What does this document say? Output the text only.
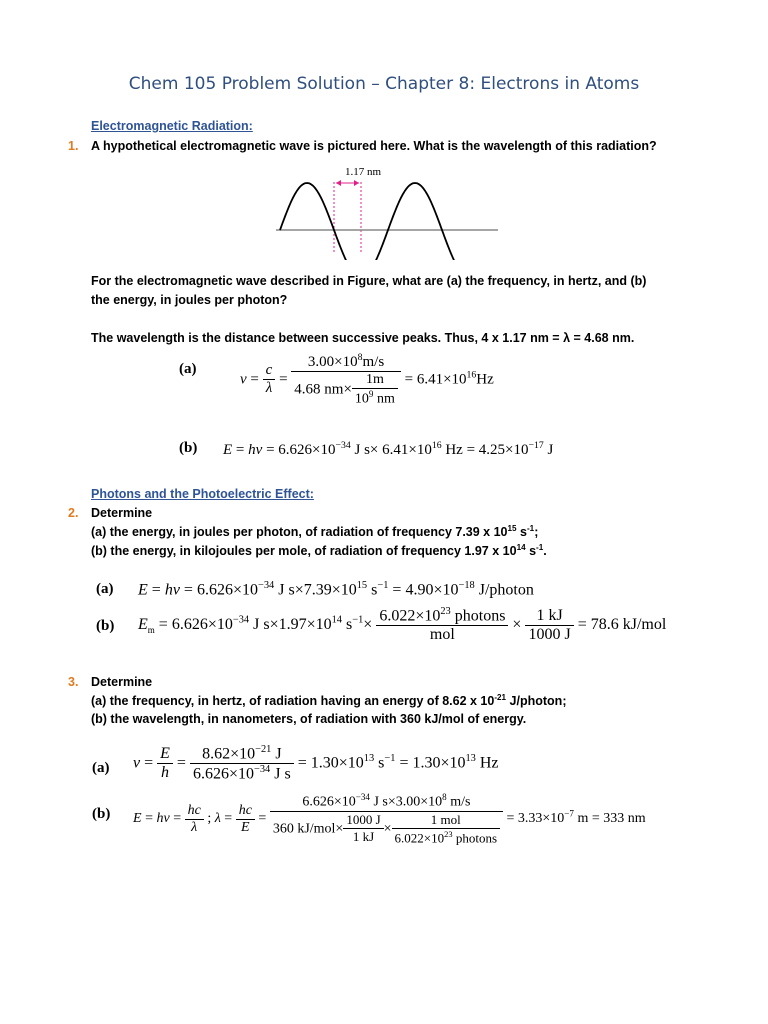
Chem 105 Problem Solution – Chapter 8: Electrons in Atoms
Electromagnetic Radiation:
1. A hypothetical electromagnetic wave is pictured here. What is the wavelength of this radiation?
1.17 nm
For the electromagnetic wave described in Figure, what are (a) the frequency, in hertz, and (b)
the energy, in joules per photon?
The wavelength is the distance between successive peaks. Thus, 4 x 1.17 nm = λ = 4.68 nm.
(a)
$\nu = \frac{c}{\lambda} = \frac{3.00\times 10^8m/s}{4.68 nm\times \frac{1m}{10^9 nm}} = 6.41\times 10^{16}Hz$
(b) $E = h\nu = 6.626\times 10^{-34}$ J $s\times 6.41\times 10^{16}$ $Hz = 4.25\times 10^{-17}$ J
Photons and the Photoelectric Effect:
2. Determine
(a) the energy, in joules per photon, of radiation of frequency 7.39 x $10^{15}$ $s^{-1}$;
(b) the energy, in kilojoules per mole, of radiation of frequency 1.97 x $10^{14}$ $s^{-1}$.
(a) $E = h\nu = 6.626\times 10^{-34}$ J $s\times 7.39\times 10^{15}$ $s^{-1} = 4.90\times 10^{-18}$ J/photon
(b) $E_m = 6.626\times 10^{-34}$ J $s\times 1.97\times 10^{14}$ $s^{-1}\times \frac{6.022\times 10^{23} photons}{\text{mol}} \times \frac{1 kJ}{1000 J} = 78.6$ kJ/mol
3. Determine
(a) the frequency, in hertz, of radiation having an energy of 8.62 x $10^{-21}$ J/photon;
(b) the wavelength, in nanometers, of radiation with 360 kJ/mol of energy.
(a) $\nu = \frac{E}{h} = \frac{8.62\times 10^{-21} J}{6.626\times 10^{-34} J s} = 1.30\times 10^{13}$ $s^{-1} = 1.30\times 10^{13}$ Hz
(b) $E = h\nu = \frac{hc}{\lambda}$ ; $\lambda = \frac{hc}{E} = \frac{6.626\times 10^{-34} J s\times 3.00\times 10^8 m/s}{360 kJ/mol\times \frac{1000 J}{1 kJ} \times \frac{\text{1 mol}}{6.022\times 10^{23} photons}} = 3.33\times 10^{-7}$ m = 333 nm
